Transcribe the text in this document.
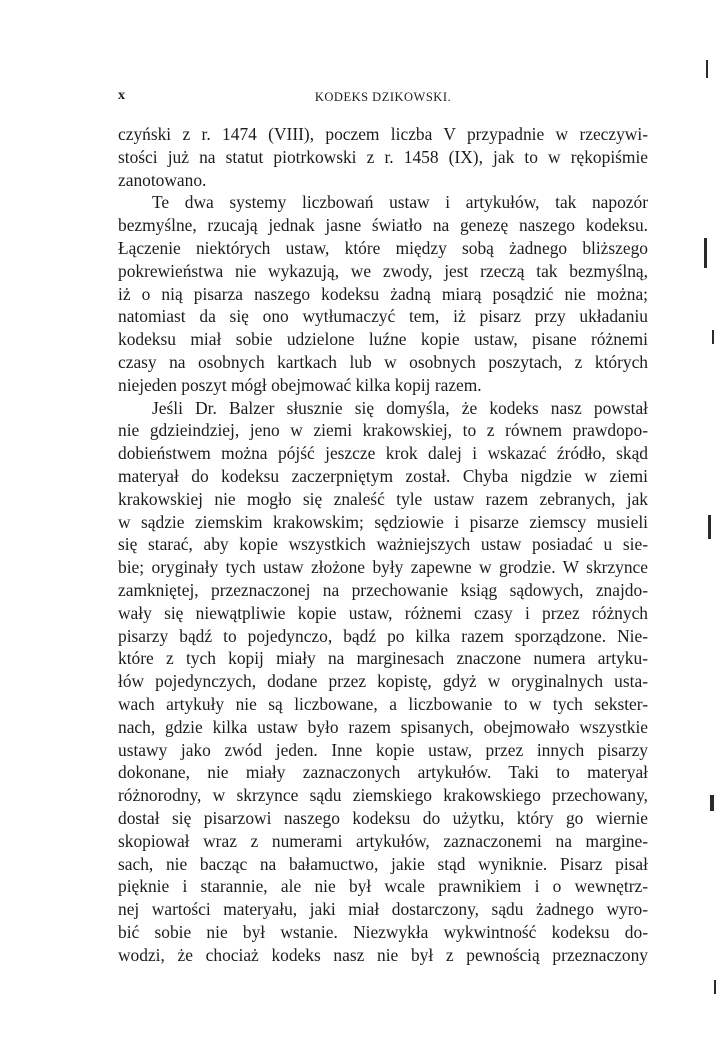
x	KODEKS DZIKOWSKI.
czyński z r. 1474 (VIII), poczem liczba V przypadnie w rzeczywi-
stości już na statut piotrkowski z r. 1458 (IX), jak to w rękopiśmie
zanotowano.
Te dwa systemy liczbowań ustaw i artykułów, tak napozór
bezmyślne, rzucają jednak jasne światło na genezę naszego kodeksu.
Łączenie niektórych ustaw, które między sobą żadnego bliższego
pokrewieństwa nie wykazują, we zwody, jest rzeczą tak bezmyślną,
iż o nią pisarza naszego kodeksu żadną miarą posądzić nie można;
natomiast da się ono wytłumaczyć tem, iż pisarz przy układaniu
kodeksu miał sobie udzielone luźne kopie ustaw, pisane różnemi
czasy na osobnych kartkach lub w osobnych poszytach, z których
niejeden poszyt mógł obejmować kilka kopij razem.
Jeśli Dr. Balzer słusznie się domyśla, że kodeks nasz powstał
nie gdzieindziej, jeno w ziemi krakowskiej, to z równem prawdopo-
dobieństwem można pójść jeszcze krok dalej i wskazać źródło, skąd
materyał do kodeksu zaczerpniętym został. Chyba nigdzie w ziemi
krakowskiej nie mogło się znaleść tyle ustaw razem zebranych, jak
w sądzie ziemskim krakowskim; sędziowie i pisarze ziemscy musieli
się starać, aby kopie wszystkich ważniejszych ustaw posiadać u sie-
bie; oryginały tych ustaw złożone były zapewne w grodzie. W skrzynce
zamkniętej, przeznaczonej na przechowanie ksiąg sądowych, znajdo-
wały się niewątpliwie kopie ustaw, różnemi czasy i przez różnych
pisarzy bądź to pojedynczo, bądź po kilka razem sporządzone. Nie-
które z tych kopij miały na marginesach znaczone numera artyku-
łów pojedynczych, dodane przez kopistę, gdyż w oryginalnych usta-
wach artykuły nie są liczbowane, a liczbowanie to w tych sekster-
nach, gdzie kilka ustaw było razem spisanych, obejmowało wszystkie
ustawy jako zwód jeden. Inne kopie ustaw, przez innych pisarzy
dokonane, nie miały zaznaczonych artykułów. Taki to materyał
różnorodny, w skrzynce sądu ziemskiego krakowskiego przechowany,
dostał się pisarzowi naszego kodeksu do użytku, który go wiernie
skopiował wraz z numerami artykułów, zaznaczonemi na margine-
sach, nie bacząc na bałamuctwo, jakie stąd wyniknie. Pisarz pisał
pięknie i starannie, ale nie był wcale prawnikiem i o wewnętrz-
nej wartości materyału, jaki miał dostarczony, sądu żadnego wyro-
bić sobie nie był wstanie. Niezwykła wykwintność kodeksu do-
wodzi, że chociaż kodeks nasz nie był z pewnością przeznaczony
